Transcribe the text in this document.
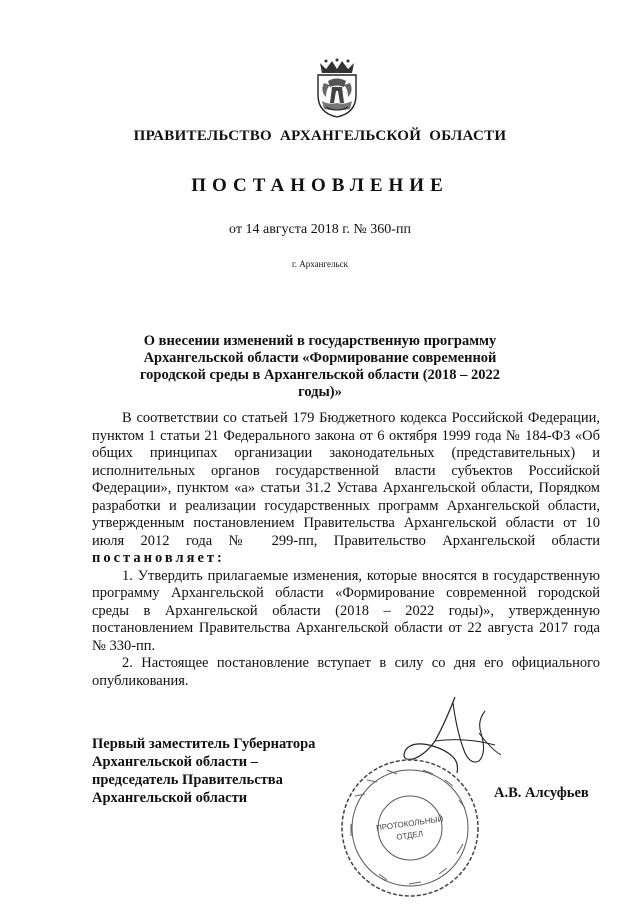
ПРАВИТЕЛЬСТВО АРХАНГЕЛЬСКОЙ ОБЛАСТИ
ПОСТАНОВЛЕНИЕ
от 14 августа 2018 г. № 360-пп
г. Архангельск
О внесении изменений в государственную программу
Архангельской области «Формирование современной
городской среды в Архангельской области (2018 – 2022 годы)»

В соответствии со статьей 179 Бюджетного кодекса Российской Федерации, пунктом 1 статьи 21 Федерального закона от 6 октября 1999 года № 184-ФЗ «Об общих принципах организации законодательных (представительных) и исполнительных органов государственной власти субъектов Российской Федерации», пунктом «а» статьи 31.2 Устава Архангельской области, Порядком разработки и реализации государственных программ Архангельской области, утвержденным постановлением Правительства Архангельской области от 10 июля 2012 года № 299-пп, Правительство Архангельской области постановляет:

1. Утвердить прилагаемые изменения, которые вносятся в государственную программу Архангельской области «Формирование современной городской среды в Архангельской области (2018 – 2022 годы)», утвержденную постановлением Правительства Архангельской области от 22 августа 2017 года № 330-пп.

2. Настоящее постановление вступает в силу со дня его официального опубликования.

Первый заместитель Губернатора
Архангельской области –
председатель Правительства
Архангельской области	А.В. Алсуфьев
ПРОТОКОЛЬНЫЙ
ОТДЕЛ
